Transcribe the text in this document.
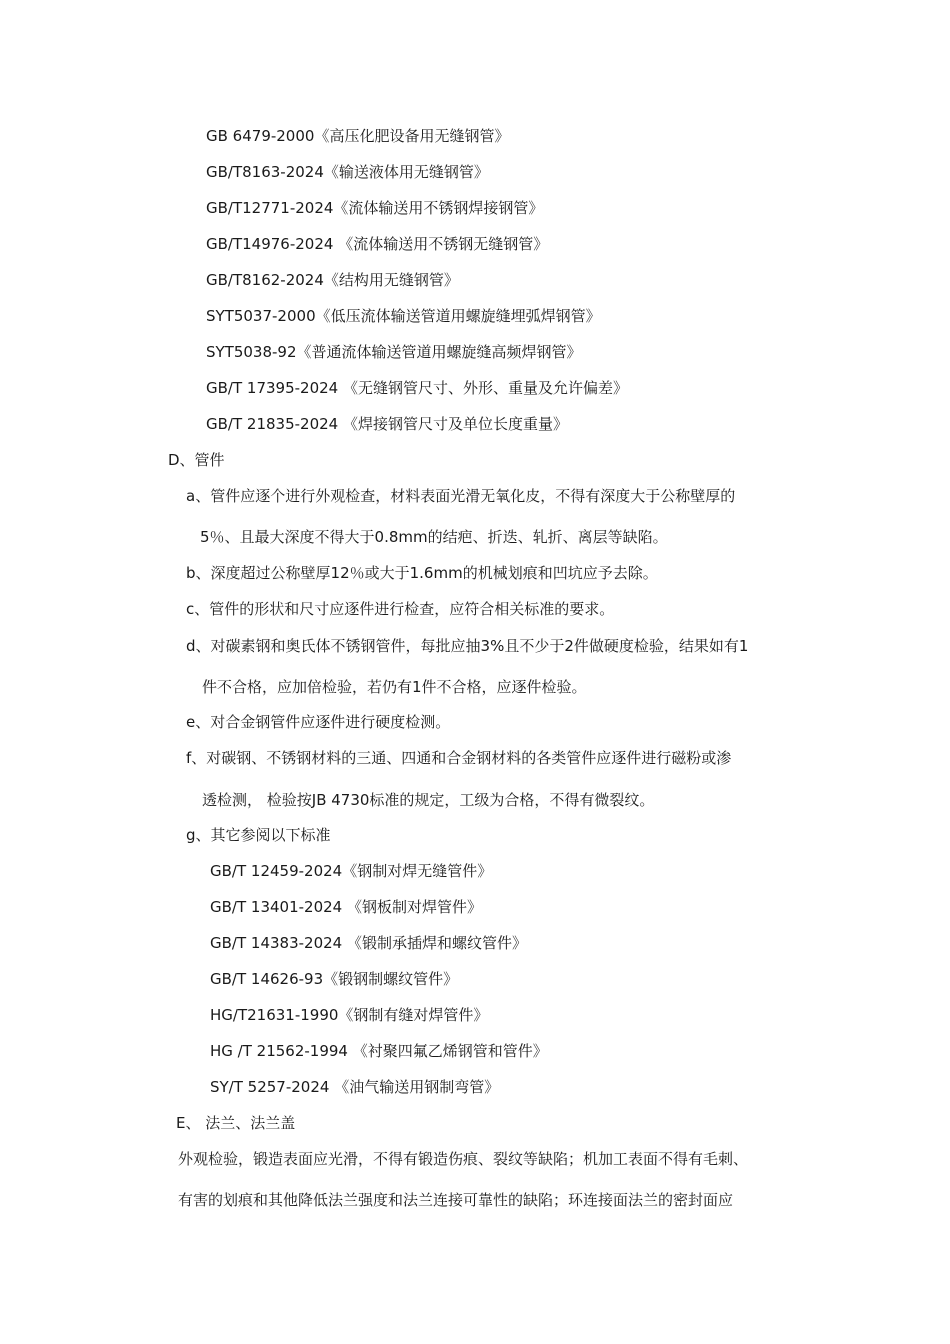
GB 6479-2000《高压化肥设备用无缝钢管》
GB/T8163-2024《输送液体用无缝钢管》
GB/T12771-2024《流体输送用不锈钢焊接钢管》
GB/T14976-2024 《流体输送用不锈钢无缝钢管》
GB/T8162-2024《结构用无缝钢管》
SYT5037-2000《低压流体输送管道用螺旋缝埋弧焊钢管》
SYT5038-92《普通流体输送管道用螺旋缝高频焊钢管》
GB/T 17395-2024 《无缝钢管尺寸、外形、重量及允许偏差》
GB/T 21835-2024 《焊接钢管尺寸及单位长度重量》
D、管件
a、管件应逐个进行外观检查，材料表面光滑无氧化皮，不得有深度大于公称壁厚的
5％、且最大深度不得大于0.8mm的结疤、折迭、轧折、离层等缺陷。
b、深度超过公称壁厚12％或大于1.6mm的机械划痕和凹坑应予去除。
c、管件的形状和尺寸应逐件进行检查，应符合相关标准的要求。
d、对碳素钢和奥氏体不锈钢管件，每批应抽3%且不少于2件做硬度检验，结果如有1
件不合格，应加倍检验，若仍有1件不合格，应逐件检验。
e、对合金钢管件应逐件进行硬度检测。
f、对碳钢、不锈钢材料的三通、四通和合金钢材料的各类管件应逐件进行磁粉或渗
透检测， 检验按JB 4730标准的规定，工级为合格，不得有微裂纹。
g、其它参阅以下标准
GB/T 12459-2024《钢制对焊无缝管件》
GB/T 13401-2024 《钢板制对焊管件》
GB/T 14383-2024 《锻制承插焊和螺纹管件》
GB/T 14626-93《锻钢制螺纹管件》
HG/T21631-1990《钢制有缝对焊管件》
HG /T 21562-1994 《衬聚四氟乙烯钢管和管件》
SY/T 5257-2024 《油气输送用钢制弯管》
E、 法兰、法兰盖
外观检验，锻造表面应光滑，不得有锻造伤痕、裂纹等缺陷；机加工表面不得有毛刺、
有害的划痕和其他降低法兰强度和法兰连接可靠性的缺陷；环连接面法兰的密封面应
